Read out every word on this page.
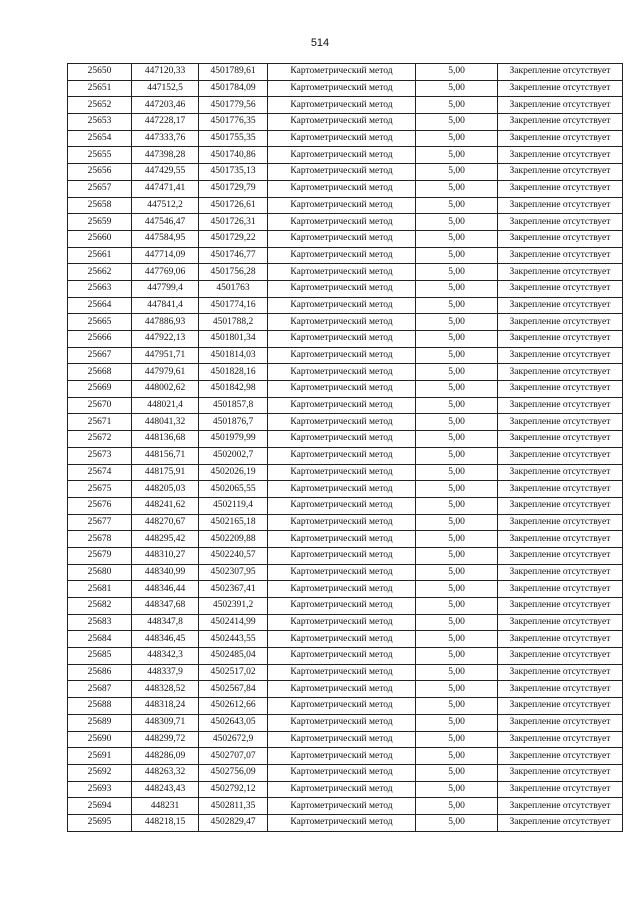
514
25650	447120,33	4501789,61	Картометрический метод	5,00	Закрепление отсутствует
25651	447152,5	4501784,09	Картометрический метод	5,00	Закрепление отсутствует
25652	447203,46	4501779,56	Картометрический метод	5,00	Закрепление отсутствует
25653	447228,17	4501776,35	Картометрический метод	5,00	Закрепление отсутствует
25654	447333,76	4501755,35	Картометрический метод	5,00	Закрепление отсутствует
25655	447398,28	4501740,86	Картометрический метод	5,00	Закрепление отсутствует
25656	447429,55	4501735,13	Картометрический метод	5,00	Закрепление отсутствует
25657	447471,41	4501729,79	Картометрический метод	5,00	Закрепление отсутствует
25658	447512,2	4501726,61	Картометрический метод	5,00	Закрепление отсутствует
25659	447546,47	4501726,31	Картометрический метод	5,00	Закрепление отсутствует
25660	447584,95	4501729,22	Картометрический метод	5,00	Закрепление отсутствует
25661	447714,09	4501746,77	Картометрический метод	5,00	Закрепление отсутствует
25662	447769,06	4501756,28	Картометрический метод	5,00	Закрепление отсутствует
25663	447799,4	4501763	Картометрический метод	5,00	Закрепление отсутствует
25664	447841,4	4501774,16	Картометрический метод	5,00	Закрепление отсутствует
25665	447886,93	4501788,2	Картометрический метод	5,00	Закрепление отсутствует
25666	447922,13	4501801,34	Картометрический метод	5,00	Закрепление отсутствует
25667	447951,71	4501814,03	Картометрический метод	5,00	Закрепление отсутствует
25668	447979,61	4501828,16	Картометрический метод	5,00	Закрепление отсутствует
25669	448002,62	4501842,98	Картометрический метод	5,00	Закрепление отсутствует
25670	448021,4	4501857,8	Картометрический метод	5,00	Закрепление отсутствует
25671	448041,32	4501876,7	Картометрический метод	5,00	Закрепление отсутствует
25672	448136,68	4501979,99	Картометрический метод	5,00	Закрепление отсутствует
25673	448156,71	4502002,7	Картометрический метод	5,00	Закрепление отсутствует
25674	448175,91	4502026,19	Картометрический метод	5,00	Закрепление отсутствует
25675	448205,03	4502065,55	Картометрический метод	5,00	Закрепление отсутствует
25676	448241,62	4502119,4	Картометрический метод	5,00	Закрепление отсутствует
25677	448270,67	4502165,18	Картометрический метод	5,00	Закрепление отсутствует
25678	448295,42	4502209,88	Картометрический метод	5,00	Закрепление отсутствует
25679	448310,27	4502240,57	Картометрический метод	5,00	Закрепление отсутствует
25680	448340,99	4502307,95	Картометрический метод	5,00	Закрепление отсутствует
25681	448346,44	4502367,41	Картометрический метод	5,00	Закрепление отсутствует
25682	448347,68	4502391,2	Картометрический метод	5,00	Закрепление отсутствует
25683	448347,8	4502414,99	Картометрический метод	5,00	Закрепление отсутствует
25684	448346,45	4502443,55	Картометрический метод	5,00	Закрепление отсутствует
25685	448342,3	4502485,04	Картометрический метод	5,00	Закрепление отсутствует
25686	448337,9	4502517,02	Картометрический метод	5,00	Закрепление отсутствует
25687	448328,52	4502567,84	Картометрический метод	5,00	Закрепление отсутствует
25688	448318,24	4502612,66	Картометрический метод	5,00	Закрепление отсутствует
25689	448309,71	4502643,05	Картометрический метод	5,00	Закрепление отсутствует
25690	448299,72	4502672,9	Картометрический метод	5,00	Закрепление отсутствует
25691	448286,09	4502707,07	Картометрический метод	5,00	Закрепление отсутствует
25692	448263,32	4502756,09	Картометрический метод	5,00	Закрепление отсутствует
25693	448243,43	4502792,12	Картометрический метод	5,00	Закрепление отсутствует
25694	448231	4502811,35	Картометрический метод	5,00	Закрепление отсутствует
25695	448218,15	4502829,47	Картометрический метод	5,00	Закрепление отсутствует
